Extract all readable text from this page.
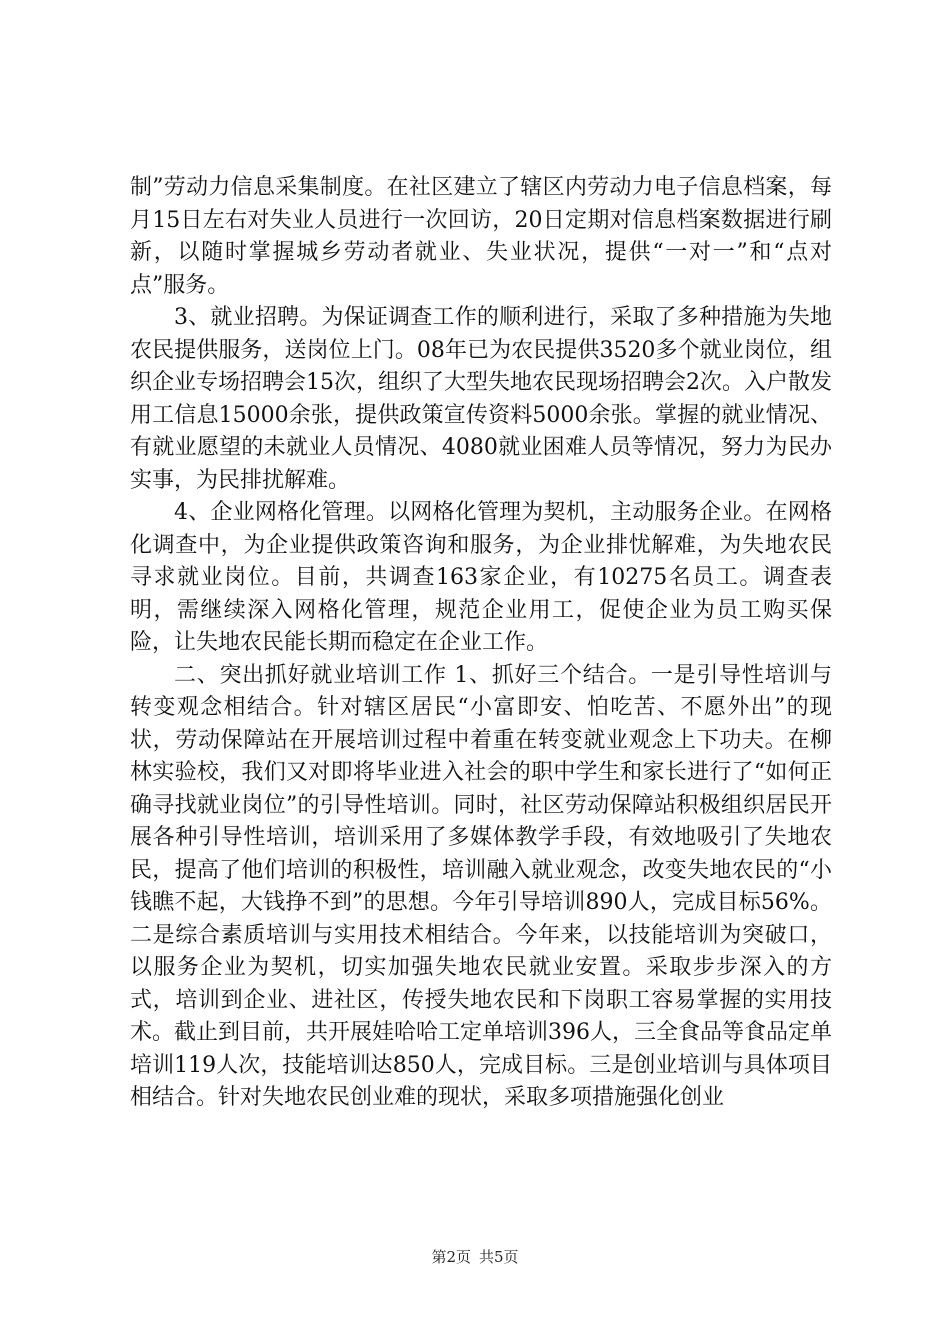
制”劳动力信息采集制度。在社区建立了辖区内劳动力电子信息档案，每月15日左右对失业人员进行一次回访，20日定期对信息档案数据进行刷新，以随时掌握城乡劳动者就业、失业状况，提供“一对一”和“点对点”服务。

3、就业招聘。为保证调查工作的顺利进行，采取了多种措施为失地农民提供服务，送岗位上门。08年已为农民提供3520多个就业岗位，组织企业专场招聘会15次，组织了大型失地农民现场招聘会2次。入户散发用工信息15000余张，提供政策宣传资料5000余张。掌握的就业情况、有就业愿望的未就业人员情况、4080就业困难人员等情况，努力为民办实事，为民排扰解难。

4、企业网格化管理。以网格化管理为契机，主动服务企业。在网格化调查中，为企业提供政策咨询和服务，为企业排忧解难，为失地农民寻求就业岗位。目前，共调查163家企业，有10275名员工。调查表明，需继续深入网格化管理，规范企业用工，促使企业为员工购买保险，让失地农民能长期而稳定在企业工作。

二、突出抓好就业培训工作 1、抓好三个结合。一是引导性培训与转变观念相结合。针对辖区居民“小富即安、怕吃苦、不愿外出”的现状，劳动保障站在开展培训过程中着重在转变就业观念上下功夫。在柳林实验校，我们又对即将毕业进入社会的职中学生和家长进行了“如何正确寻找就业岗位”的引导性培训。同时，社区劳动保障站积极组织居民开展各种引导性培训，培训采用了多媒体教学手段，有效地吸引了失地农民，提高了他们培训的积极性，培训融入就业观念，改变失地农民的“小钱瞧不起，大钱挣不到”的思想。今年引导培训890人，完成目标56%。二是综合素质培训与实用技术相结合。今年来，以技能培训为突破口，以服务企业为契机，切实加强失地农民就业安置。采取步步深入的方式，培训到企业、进社区，传授失地农民和下岗职工容易掌握的实用技术。截止到目前，共开展娃哈哈工定单培训396人，三全食品等食品定单培训119人次，技能培训达850人，完成目标。三是创业培训与具体项目相结合。针对失地农民创业难的现状，采取多项措施强化创业

第2页 共5页
